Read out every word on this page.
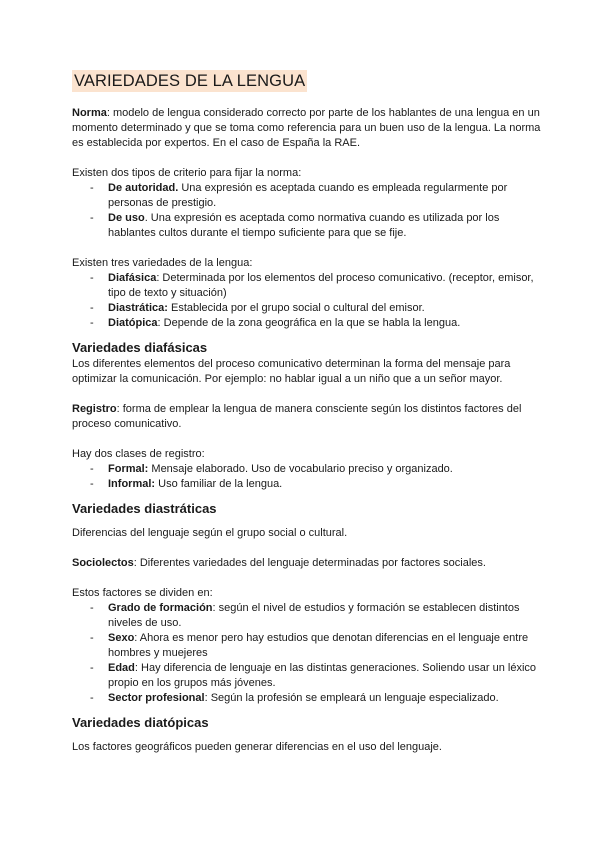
VARIEDADES DE LA LENGUA

Norma: modelo de lengua considerado correcto por parte de los hablantes de una lengua en un momento determinado y que se toma como referencia para un buen uso de la lengua. La norma es establecida por expertos. En el caso de España la RAE.

Existen dos tipos de criterio para fijar la norma:

- De autoridad. Una expresión es aceptada cuando es empleada regularmente por personas de prestigio.
- De uso. Una expresión es aceptada como normativa cuando es utilizada por los hablantes cultos durante el tiempo suficiente para que se fije.

Existen tres variedades de la lengua:

- Diafásica: Determinada por los elementos del proceso comunicativo. (receptor, emisor, tipo de texto y situación)
- Diastrática: Establecida por el grupo social o cultural del emisor.
- Diatópica: Depende de la zona geográfica en la que se habla la lengua.
Variedades diafásicas

Los diferentes elementos del proceso comunicativo determinan la forma del mensaje para optimizar la comunicación. Por ejemplo: no hablar igual a un niño que a un señor mayor.

Registro: forma de emplear la lengua de manera consciente según los distintos factores del proceso comunicativo.

Hay dos clases de registro:

- Formal: Mensaje elaborado. Uso de vocabulario preciso y organizado.
- Informal: Uso familiar de la lengua.
Variedades diastráticas

Diferencias del lenguaje según el grupo social o cultural.

Sociolectos: Diferentes variedades del lenguaje determinadas por factores sociales.

Estos factores se dividen en:

- Grado de formación: según el nivel de estudios y formación se establecen distintos niveles de uso.
- Sexo: Ahora es menor pero hay estudios que denotan diferencias en el lenguaje entre hombres y muejeres
- Edad: Hay diferencia de lenguaje en las distintas generaciones. Soliendo usar un léxico propio en los grupos más jóvenes.
- Sector profesional: Según la profesión se empleará un lenguaje especializado.
Variedades diatópicas

Los factores geográficos pueden generar diferencias en el uso del lenguaje.
